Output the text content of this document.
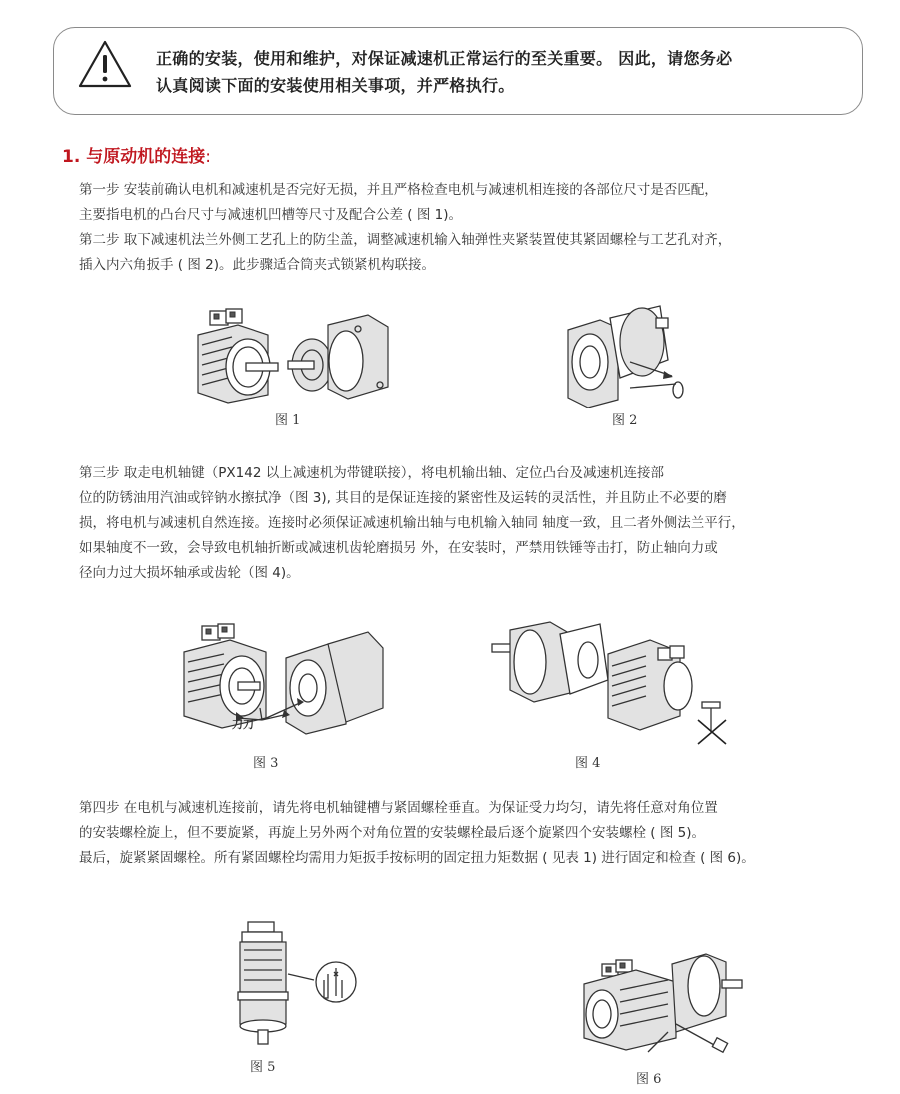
正确的安装，使用和维护，对保证减速机正常运行的至关重要。 因此，请您务必
认真阅读下面的安装使用相关事项，并严格执行。
1. 与原动机的连接:
第一步 安装前确认电机和减速机是否完好无损，并且严格检查电机与减速机相连接的各部位尺寸是否匹配，
主要指电机的凸台尺寸与减速机凹槽等尺寸及配合公差 ( 图 1)。
第二步 取下减速机法兰外侧工艺孔上的防尘盖，调整减速机输入轴弹性夹紧装置使其紧固螺栓与工艺孔对齐，
插入内六角扳手 ( 图 2)。此步骤适合筒夹式锁紧机构联接。
图 1	图 2
第三步 取走电机轴键（PX142 以上减速机为带键联接），将电机输出轴、定位凸台及减速机连接部
位的防锈油用汽油或锌钠水擦拭净（图 3), 其目的是保证连接的紧密性及运转的灵活性，并且防止不必要的磨
损，将电机与减速机自然连接。连接时必须保证减速机输出轴与电机输入轴同 轴度一致，且二者外侧法兰平行，
如果轴度不一致，会导致电机轴折断或减速机齿轮磨损另 外，在安装时，严禁用铁锤等击打，防止轴向力或
径向力过大损坏轴承或齿轮（图 4)。
刀刀
图 3	图 4
第四步 在电机与减速机连接前，请先将电机轴键槽与紧固螺栓垂直。为保证受力均匀，请先将任意对角位置
的安装螺栓旋上，但不要旋紧，再旋上另外两个对角位置的安装螺栓最后逐个旋紧四个安装螺栓 ( 图 5)。
最后，旋紧紧固螺栓。所有紧固螺栓均需用力矩扳手按标明的固定扭力矩数据 ( 见表 1) 进行固定和检查 ( 图 6)。
图 5
图 6
